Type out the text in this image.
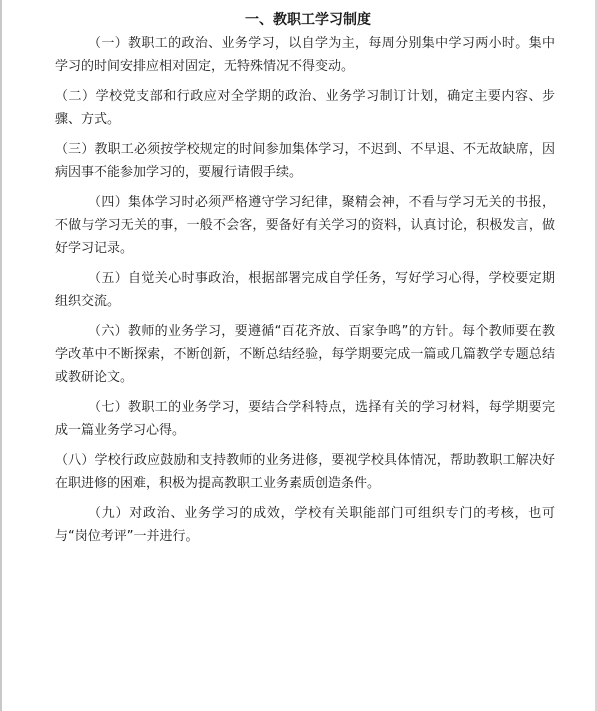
一、教职工学习制度

（一）教职工的政治、业务学习，以自学为主，每周分别集中学习两小时。集中学习的时间安排应相对固定，无特殊情况不得变动。

（二）学校党支部和行政应对全学期的政治、业务学习制订计划，确定主要内容、步骤、方式。

（三）教职工必须按学校规定的时间参加集体学习，不迟到、不早退、不无故缺席，因病因事不能参加学习的，要履行请假手续。

（四）集体学习时必须严格遵守学习纪律，聚精会神，不看与学习无关的书报，不做与学习无关的事，一般不会客，要备好有关学习的资料，认真讨论，积极发言，做好学习记录。

（五）自觉关心时事政治，根据部署完成自学任务，写好学习心得，学校要定期组织交流。

（六）教师的业务学习，要遵循“百花齐放、百家争鸣”的方针。每个教师要在教学改革中不断探索，不断创新，不断总结经验，每学期要完成一篇或几篇教学专题总结或教研论文。

（七）教职工的业务学习，要结合学科特点，选择有关的学习材料，每学期要完成一篇业务学习心得。

（八）学校行政应鼓励和支持教师的业务进修，要视学校具体情况，帮助教职工解决好在职进修的困难，积极为提高教职工业务素质创造条件。

（九）对政治、业务学习的成效，学校有关职能部门可组织专门的考核，也可与“岗位考评”一并进行。
